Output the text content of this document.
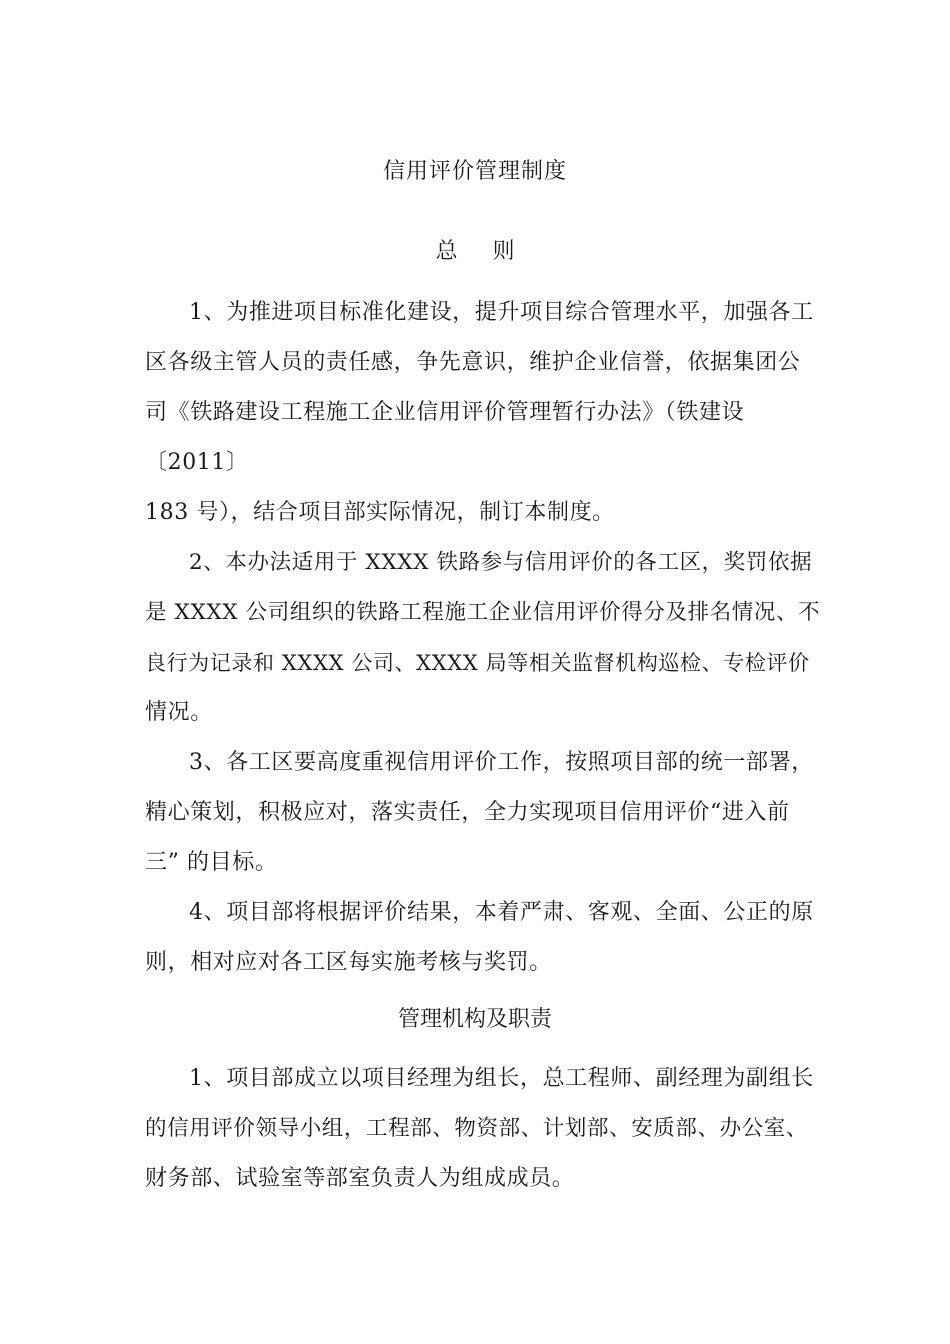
信用评价管理制度
总 则
1、为推进项目标准化建设，提升项目综合管理水平，加强各工
区各级主管人员的责任感，争先意识，维护企业信誉，依据集团公
司《铁路建设工程施工企业信用评价管理暂行办法》（铁建设
〔2011〕
183 号），结合项目部实际情况，制订本制度。
2、本办法适用于 XXXX 铁路参与信用评价的各工区，奖罚依据
是 XXXX 公司组织的铁路工程施工企业信用评价得分及排名情况、不
良行为记录和 XXXX 公司、XXXX 局等相关监督机构巡检、专检评价
情况。
3、各工区要高度重视信用评价工作，按照项目部的统一部署，
精心策划，积极应对，落实责任，全力实现项目信用评价“进入前
三” 的目标。
4、项目部将根据评价结果，本着严肃、客观、全面、公正的原
则，相对应对各工区每实施考核与奖罚。
管理机构及职责
1、项目部成立以项目经理为组长，总工程师、副经理为副组长
的信用评价领导小组，工程部、物资部、计划部、安质部、办公室、
财务部、试验室等部室负责人为组成成员。
